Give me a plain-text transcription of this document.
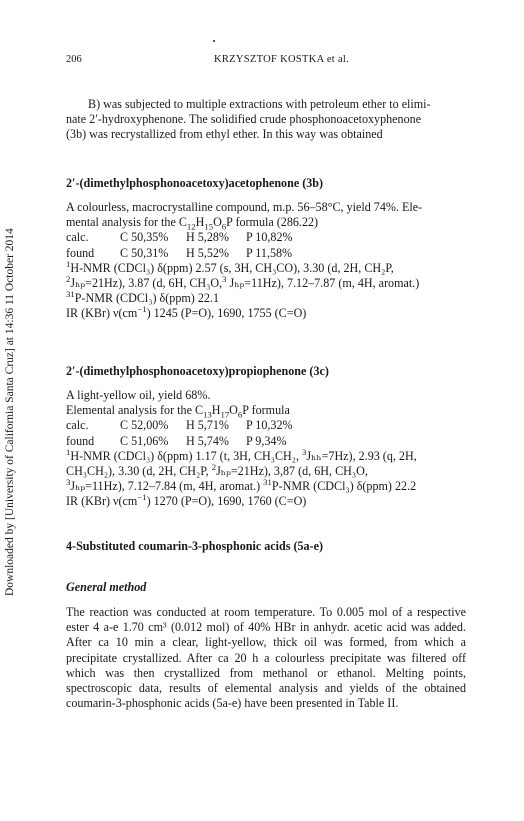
206	KRZYSZTOF KOSTKA et al.
Downloaded by [University of California Santa Cruz] at 14:36 11 October 2014

B) was subjected to multiple extractions with petroleum ether to elimi-

nate 2′-hydroxyphenone. The solidified crude phosphonoacetoxyphenone

(3b) was recrystallized from ethyl ether. In this way was obtained

2′-(dimethylphosphonoacetoxy)acetophenone (3b)

A colourless, macrocrystalline compound, m.p. 56–58°C, yield 74%. Ele-

mental analysis for the $C_{12}H_{15}O_6P$ formula (286.22)

calc.	C 50,35%	H 5,28%	P 10,82%
found	C 50,31%	H 5,52%	P 11,58%

$^1$H-NMR (CDCl₃) δ(ppm) 2.57 (s, 3H, CH₃CO), 3.30 (d, 2H, CH₂P,

$^2$Jₕₚ=21Hz), 3.87 (d, 6H, CH₃O,$^3$ Jₕₚ=11Hz), 7.12–7.87 (m, 4H, aromat.)

$^{31}$P-NMR (CDCl₃) δ(ppm) 22.1

IR (KBr) $\nu(cm^{-1})$ 1245 (P=O), 1690, 1755 (C=O)

2′-(dimethylphosphonoacetoxy)propiophenone (3c)

A light-yellow oil, yield 68%.

Elemental analysis for the $C_{13}H_{17}O_6P$ formula

calc.	C 52,00%	H 5,71%	P 10,32%
found	C 51,06%	H 5,74%	P 9,34%

$^1$H-NMR (CDCl₃) δ(ppm) 1.17 (t, 3H, CH₃CH₂, $^3$Jₕₕ=7Hz), 2.93 (q, 2H,

CH₃CH₂), 3.30 (d, 2H, CH₂P, $^2$Jₕₚ=21Hz), 3,87 (d, 6H, CH₃O,

$^3$Jₕₚ=11Hz), 7.12–7.84 (m, 4H, aromat.) $^{31}$P-NMR (CDCl₃) δ(ppm) 22.2

IR (KBr) $\nu(cm^{-1})$ 1270 (P=O), 1690, 1760 (C=O)

4-Substituted coumarin-3-phosphonic acids (5a-e)
General method

The reaction was conducted at room temperature. To 0.005 mol of a respective ester 4 a-e 1.70 cm³ (0.012 mol) of 40% HBr in anhydr. acetic acid was added. After ca 10 min a clear, light-yellow, thick oil was formed, from which a precipitate crystallized. After ca 20 h a colourless precipitate was filtered off which was then crystallized from methanol or ethanol. Melting points, spectroscopic data, results of elemental analysis and yields of the obtained coumarin-3-phosphonic acids (5a-e) have been presented in Table II.
